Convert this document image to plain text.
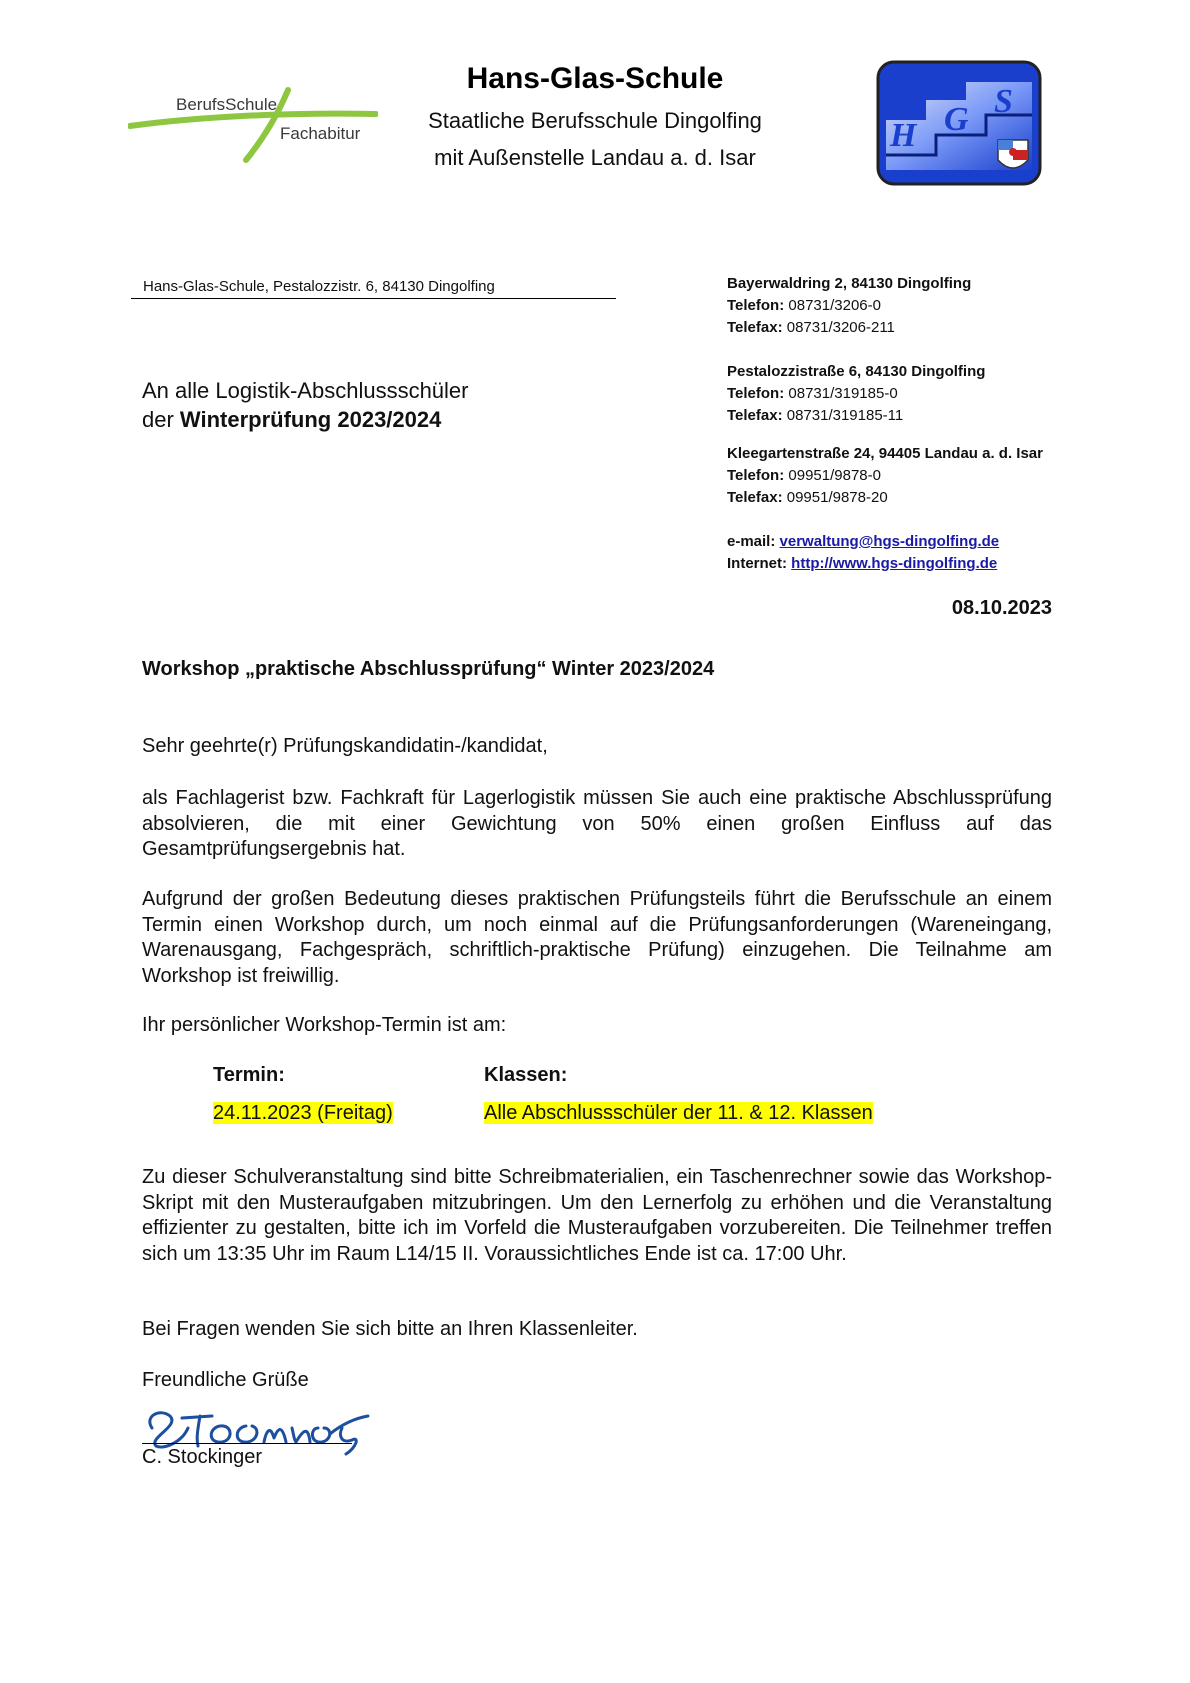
BerufsSchule
Fachabitur
Hans-Glas-Schule
Staatliche Berufsschule Dingolfing
mit Außenstelle Landau a. d. Isar
H G S
Hans-Glas-Schule, Pestalozzistr. 6, 84130 Dingolfing
An alle Logistik-Abschlussschüler
der Winterprüfung 2023/2024
Bayerwaldring 2, 84130 Dingolfing
Telefon: 08731/3206-0
Telefax: 08731/3206-211
Pestalozzistraße 6, 84130 Dingolfing
Telefon: 08731/319185-0
Telefax: 08731/319185-11
Kleegartenstraße 24, 94405 Landau a. d. Isar
Telefon: 09951/9878-0
Telefax: 09951/9878-20
e-mail: verwaltung@hgs-dingolfing.de
Internet: http://www.hgs-dingolfing.de
08.10.2023
Workshop „praktische Abschlussprüfung“ Winter 2023/2024
Sehr geehrte(r) Prüfungskandidatin-/kandidat,
als Fachlagerist bzw. Fachkraft für Lagerlogistik müssen Sie auch eine praktische Abschlussprüfung absolvieren, die mit einer Gewichtung von 50% einen großen Einfluss auf das Gesamtprüfungsergebnis hat.
Aufgrund der großen Bedeutung dieses praktischen Prüfungsteils führt die Berufsschule an einem Termin einen Workshop durch, um noch einmal auf die Prüfungsanforderungen (Wareneingang, Warenausgang, Fachgespräch, schriftlich-praktische Prüfung) einzugehen. Die Teilnahme am Workshop ist freiwillig.
Ihr persönlicher Workshop-Termin ist am:
Termin:	Klassen:
24.11.2023 (Freitag)	Alle Abschlussschüler der 11. & 12. Klassen
Zu dieser Schulveranstaltung sind bitte Schreibmaterialien, ein Taschenrechner sowie das Workshop-Skript mit den Musteraufgaben mitzubringen. Um den Lernerfolg zu erhöhen und die Veranstaltung effizienter zu gestalten, bitte ich im Vorfeld die Musteraufgaben vorzubereiten. Die Teilnehmer treffen sich um 13:35 Uhr im Raum L14/15 II. Voraussichtliches Ende ist ca. 17:00 Uhr.
Bei Fragen wenden Sie sich bitte an Ihren Klassenleiter.
Freundliche Grüße
C. Stockinger
